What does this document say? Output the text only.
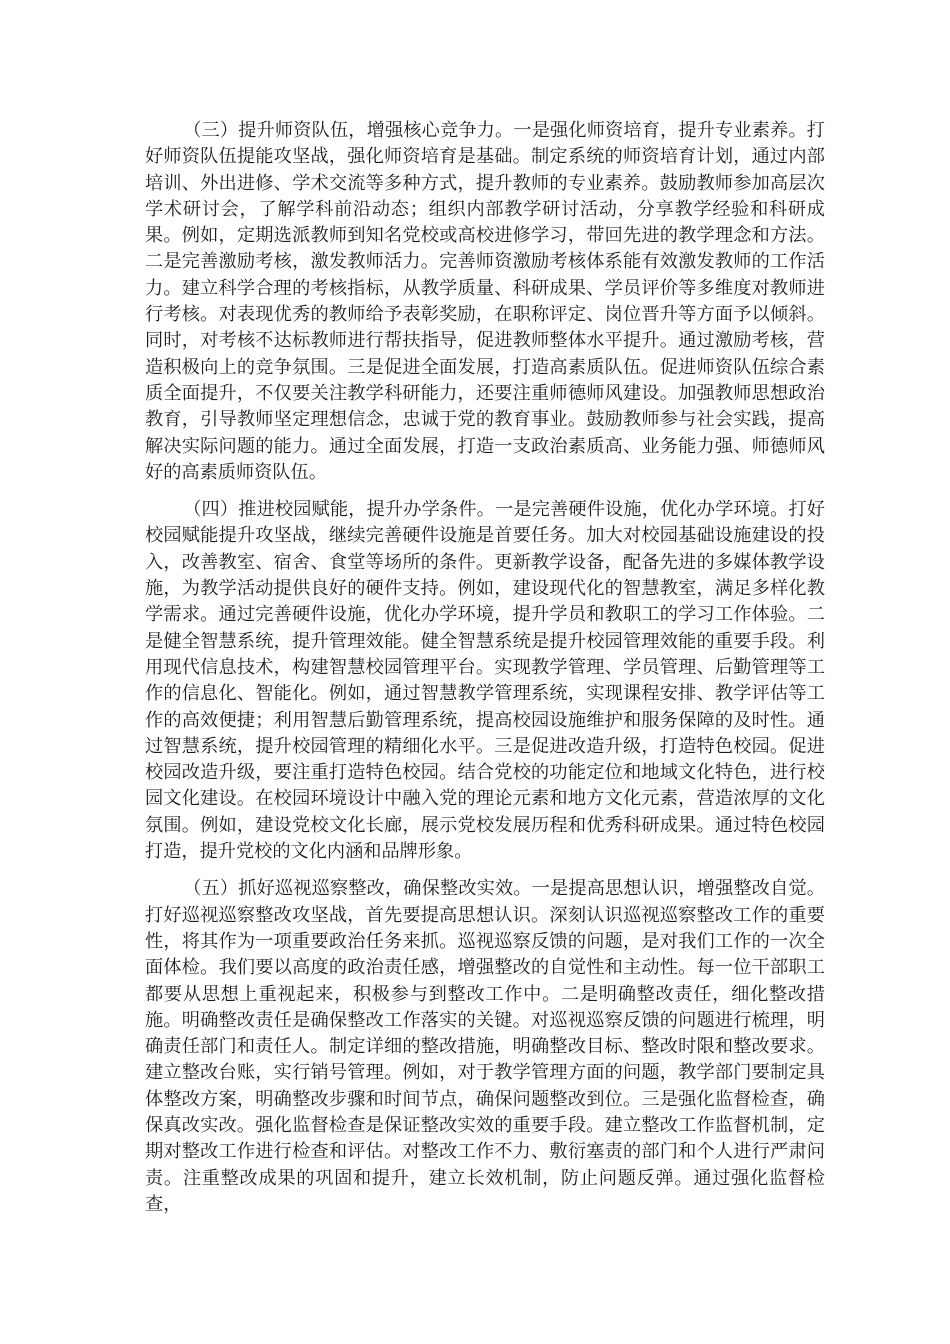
（三）提升师资队伍，增强核心竞争力。一是强化师资培育，提升专业素养。打好师资队伍提能攻坚战，强化师资培育是基础。制定系统的师资培育计划，通过内部培训、外出进修、学术交流等多种方式，提升教师的专业素养。鼓励教师参加高层次学术研讨会，了解学科前沿动态；组织内部教学研讨活动，分享教学经验和科研成果。例如，定期选派教师到知名党校或高校进修学习，带回先进的教学理念和方法。二是完善激励考核，激发教师活力。完善师资激励考核体系能有效激发教师的工作活力。建立科学合理的考核指标，从教学质量、科研成果、学员评价等多维度对教师进行考核。对表现优秀的教师给予表彰奖励，在职称评定、岗位晋升等方面予以倾斜。同时，对考核不达标教师进行帮扶指导，促进教师整体水平提升。通过激励考核，营造积极向上的竞争氛围。三是促进全面发展，打造高素质队伍。促进师资队伍综合素质全面提升，不仅要关注教学科研能力，还要注重师德师风建设。加强教师思想政治教育，引导教师坚定理想信念，忠诚于党的教育事业。鼓励教师参与社会实践，提高解决实际问题的能力。通过全面发展，打造一支政治素质高、业务能力强、师德师风好的高素质师资队伍。

（四）推进校园赋能，提升办学条件。一是完善硬件设施，优化办学环境。打好校园赋能提升攻坚战，继续完善硬件设施是首要任务。加大对校园基础设施建设的投入，改善教室、宿舍、食堂等场所的条件。更新教学设备，配备先进的多媒体教学设施，为教学活动提供良好的硬件支持。例如，建设现代化的智慧教室，满足多样化教学需求。通过完善硬件设施，优化办学环境，提升学员和教职工的学习工作体验。二是健全智慧系统，提升管理效能。健全智慧系统是提升校园管理效能的重要手段。利用现代信息技术，构建智慧校园管理平台。实现教学管理、学员管理、后勤管理等工作的信息化、智能化。例如，通过智慧教学管理系统，实现课程安排、教学评估等工作的高效便捷；利用智慧后勤管理系统，提高校园设施维护和服务保障的及时性。通过智慧系统，提升校园管理的精细化水平。三是促进改造升级，打造特色校园。促进校园改造升级，要注重打造特色校园。结合党校的功能定位和地域文化特色，进行校园文化建设。在校园环境设计中融入党的理论元素和地方文化元素，营造浓厚的文化氛围。例如，建设党校文化长廊，展示党校发展历程和优秀科研成果。通过特色校园打造，提升党校的文化内涵和品牌形象。

（五）抓好巡视巡察整改，确保整改实效。一是提高思想认识，增强整改自觉。打好巡视巡察整改攻坚战，首先要提高思想认识。深刻认识巡视巡察整改工作的重要性，将其作为一项重要政治任务来抓。巡视巡察反馈的问题，是对我们工作的一次全面体检。我们要以高度的政治责任感，增强整改的自觉性和主动性。每一位干部职工都要从思想上重视起来，积极参与到整改工作中。二是明确整改责任，细化整改措施。明确整改责任是确保整改工作落实的关键。对巡视巡察反馈的问题进行梳理，明确责任部门和责任人。制定详细的整改措施，明确整改目标、整改时限和整改要求。建立整改台账，实行销号管理。例如，对于教学管理方面的问题，教学部门要制定具体整改方案，明确整改步骤和时间节点，确保问题整改到位。三是强化监督检查，确保真改实改。强化监督检查是保证整改实效的重要手段。建立整改工作监督机制，定期对整改工作进行检查和评估。对整改工作不力、敷衍塞责的部门和个人进行严肃问责。注重整改成果的巩固和提升，建立长效机制，防止问题反弹。通过强化监督检查，
